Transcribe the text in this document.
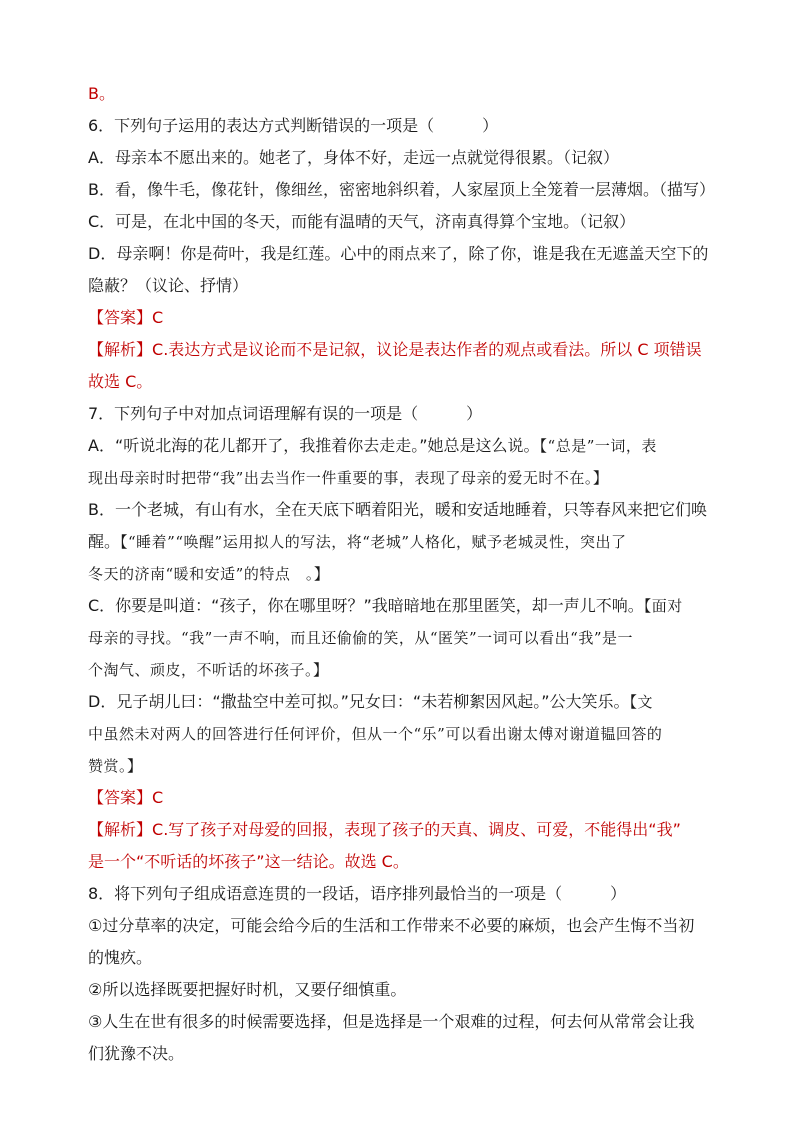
B。

6．下列句子运用的表达方式判断错误的一项是（　　　）

A．母亲本不愿出来的。她老了，身体不好，走远一点就觉得很累。（记叙）

B．看，像牛毛，像花针，像细丝，密密地斜织着，人家屋顶上全笼着一层薄烟。（描写）

C．可是，在北中国的冬天，而能有温晴的天气，济南真得算个宝地。（记叙）

D．母亲啊！你是荷叶，我是红莲。心中的雨点来了，除了你，谁是我在无遮盖天空下的

隐蔽？（议论、抒情）

【答案】C

【解析】C.表达方式是议论而不是记叙，议论是表达作者的观点或看法。所以 C 项错误

故选 C。

7．下列句子中对加点词语理解有误的一项是（　　　）

A．“听说北海的花儿都开了，我推着你去走走。”她总是这么说。【“总是”一词，表

现出母亲时时把带“我”出去当作一件重要的事，表现了母亲的爱无时不在。】

B．一个老城，有山有水，全在天底下晒着阳光，暖和安适地睡着，只等春风来把它们唤

醒。【“睡着”“唤醒”运用拟人的写法，将“老城”人格化，赋予老城灵性，突出了

冬天的济南“暖和安适”的特点　。】

C．你要是叫道：“孩子，你在哪里呀？”我暗暗地在那里匿笑，却一声儿不响。【面对

母亲的寻找。“我”一声不响，而且还偷偷的笑，从“匿笑”一词可以看出“我”是一

个淘气、顽皮，不听话的坏孩子。】

D．兄子胡儿曰：“撒盐空中差可拟。”兄女曰：“未若柳絮因风起。”公大笑乐。【文

中虽然未对两人的回答进行任何评价，但从一个“乐”可以看出谢太傅对谢道韫回答的

赞赏。】

【答案】C

【解析】C.写了孩子对母爱的回报，表现了孩子的天真、调皮、可爱，不能得出“我”

是一个“不听话的坏孩子”这一结论。故选 C。

8．将下列句子组成语意连贯的一段话，语序排列最恰当的一项是（　　　）

①过分草率的决定，可能会给今后的生活和工作带来不必要的麻烦，也会产生悔不当初

的愧疚。

②所以选择既要把握好时机，又要仔细慎重。

③人生在世有很多的时候需要选择，但是选择是一个艰难的过程，何去何从常常会让我

们犹豫不决。
